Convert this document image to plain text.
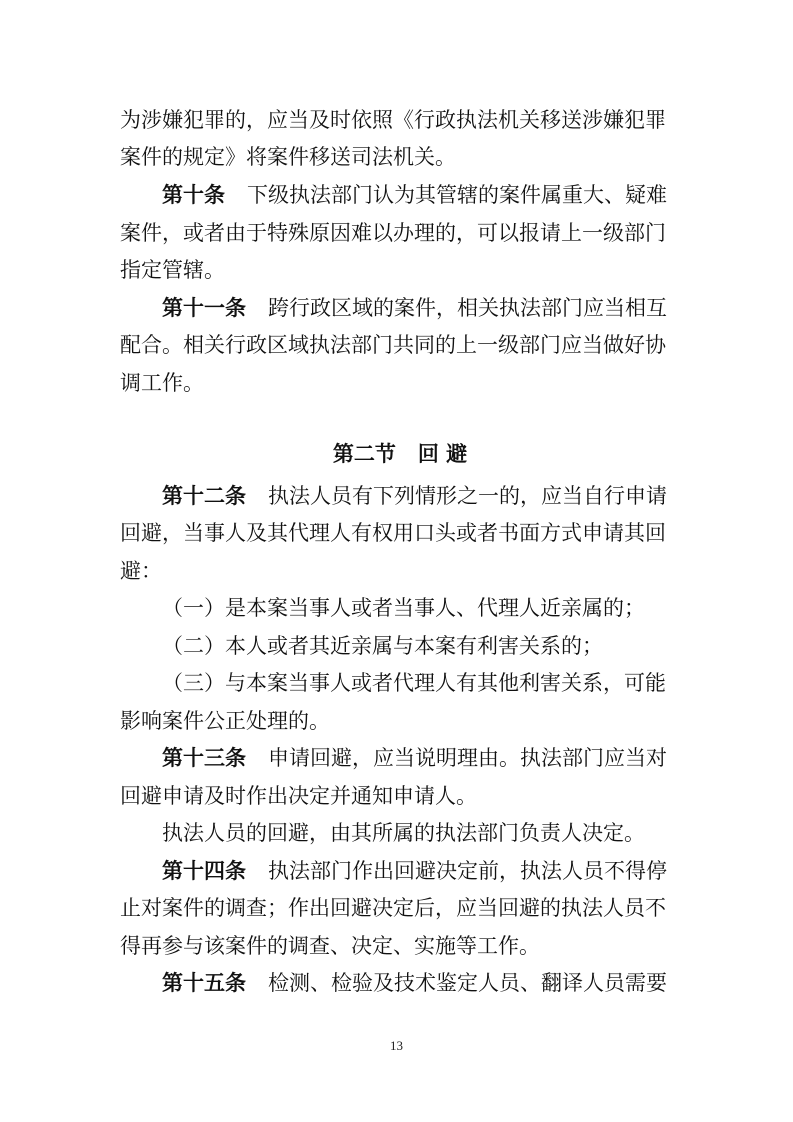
为涉嫌犯罪的，应当及时依照《行政执法机关移送涉嫌犯罪
案件的规定》将案件移送司法机关。
第十条 下级执法部门认为其管辖的案件属重大、疑难
案件，或者由于特殊原因难以办理的，可以报请上一级部门
指定管辖。
第十一条 跨行政区域的案件，相关执法部门应当相互
配合。相关行政区域执法部门共同的上一级部门应当做好协
调工作。
第二节 回 避
第十二条 执法人员有下列情形之一的，应当自行申请
回避，当事人及其代理人有权用口头或者书面方式申请其回
避：
（一）是本案当事人或者当事人、代理人近亲属的；
（二）本人或者其近亲属与本案有利害关系的；
（三）与本案当事人或者代理人有其他利害关系，可能
影响案件公正处理的。
第十三条 申请回避，应当说明理由。执法部门应当对
回避申请及时作出决定并通知申请人。
执法人员的回避，由其所属的执法部门负责人决定。
第十四条 执法部门作出回避决定前，执法人员不得停
止对案件的调查；作出回避决定后，应当回避的执法人员不
得再参与该案件的调查、决定、实施等工作。
第十五条 检测、检验及技术鉴定人员、翻译人员需要
13
